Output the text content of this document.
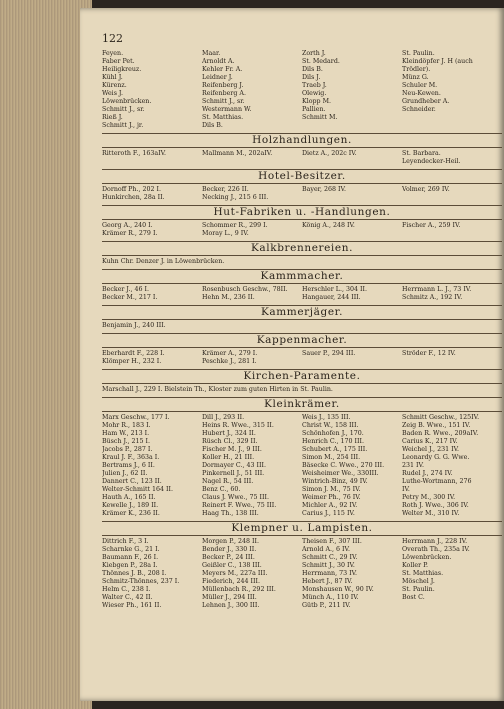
122
Feyen.	Maar.	Zorth J.	St. Paulin.
Faber Pet.	Arnoldt A.	St. Medard.	Kleindöpfer J. H (auch
Heiligkreuz.	Kehler Fr. A.	Dils B.	Trödler).
Kühl J.	Leidner J.	Dils J.	Münz G.
Kürenz.	Reifenberg J.	Traeb J.	Schuler M.
Weis J.	Reifenberg A.	Olewig.	Neu-Kewen.
Löwenbrücken.	Schmitt J., sr.	Klopp M.	Grundheber A.
Schmitt J., sr.	Westermann W.	Pallien.	Schneider.
Rieß J.	St. Matthias.	Schmitt M.
Schmitt J., jr.	Dils B.
Holzhandlungen.
Ritteroth F., 163aIV.	Mallmann M., 202aIV.	Dietz A., 202c IV.	St. Barbara.
Leyendecker-Heil.
Hotel-Besitzer.
Dornoff Ph., 202 I.	Becker, 226 II.	Bayer, 268 IV.	Volmer, 269 IV.
Hunkirchen, 28a II.	Necking J., 215 6 III.
Hut-Fabriken u. -Handlungen.
Georg A., 240 I.	Schommer R., 299 I.	König A., 248 IV.	Fischer A., 259 IV.
Krämer R., 279 I.	Moray L., 9 IV.
Kalkbrennereien.
Kuhn Chr. Denzer J. in Löwenbrücken.
Kammmacher.
Becker J., 46 I.	Rosenbusch Geschw., 78II.	Herschler L., 304 II.	Herrmann L. J., 73 IV.
Becker M., 217 I.	Hehn M., 236 II.	Hangauer, 244 III.	Schmitz A., 192 IV.
Kammerjäger.
Benjamin J., 240 III.
Kappenmacher.
Eberhardt F., 228 I.	Krämer A., 279 I.	Sauer P., 294 III.	Ströder F., 12 IV.
Klömper H., 232 I.	Peschke J., 281 I.
Kirchen-Paramente.
Marschall J., 229 I. Bielstein Th., Kloster zum guten Hirten in St. Paulin.
Kleinkrämer.
Marx Geschw., 177 I.	Dill J., 293 II.	Weis J., 135 III.	Schmitt Geschw., 125IV.
Mohr R., 183 I.	Heins R. Wwe., 315 II.	Christ W., 158 III.	Zeig B. Wwe., 151 IV.
Ham W., 213 I.	Hubert J., 324 II.	Schönhofen J., 170.	Baden R. Wwe., 209aIV.
Büsch J., 215 I.	Rüsch Cl., 329 II.	Henrich C., 170 III.	Carius K., 217 IV.
Jacobs P., 287 I.	Fischer M. J., 9 III.	Schubert A., 175 III.	Weichel J., 231 IV.
Kraul J. F., 363a I.	Koller H., 21 III.	Simon M., 254 III.	Leonardy G. G. Wwe.
Bertrams J., 6 II.	Dormayer C., 43 III.	Bäsecke C. Wwe., 270 III.	231 IV.
Julien J., 62 II.	Pinkernell J., 51 III.	Weisheimer We., 330III.	Rudel J., 274 IV.
Dannert C., 123 II.	Nagel R., 54 III.	Wintrich-Binz, 49 IV.	Luthe-Wortmann, 276
Welter-Schmitt 164 II.	Benz C., 60.	Simon J. M., 75 IV.	IV.
Hauth A., 165 II.	Claus J. Wwe., 75 III.	Weimer Ph., 76 IV.	Petry M., 300 IV.
Kewelle J., 189 II.	Reinert F. Wwe., 75 III.	Michler A., 92 IV.	Roth J. Wwe., 306 IV.
Krämer K., 236 II.	Haag Th., 138 III.	Carius J., 115 IV.	Welter M., 310 IV.
Klempner u. Lampisten.
Dittrich F., 3 I.	Morgen P., 248 II.	Theisen F., 307 III.	Herrmann J., 228 IV.
Scharnke G., 21 I.	Bender J., 330 II.	Arnold A., 6 IV.	Overath Th., 235a IV.
Baumann F., 26 I.	Becker P., 24 III.	Schmitt C., 29 IV.	Löwenbrücken.
Kiebgen P., 28a I.	Geißler C., 138 III.	Schmitt J., 30 IV.	Koller P.
Thönnes J. B., 208 I.	Meyers M., 227a III.	Herrmann, 73 IV.	St. Matthias.
Schmitz-Thönnes, 237 I.	Fiederich, 244 III.	Hebert J., 87 IV.	Möschel J.
Helm C., 238 I.	Müllenbach R., 292 III.	Monshausen W., 90 IV.	St. Paulin.
Walter C., 42 II.	Müller J., 294 III.	Münch A., 110 IV.	Bost C.
Wieser Ph., 161 II.	Lehnen J., 300 III.	Gütb P., 211 IV.
